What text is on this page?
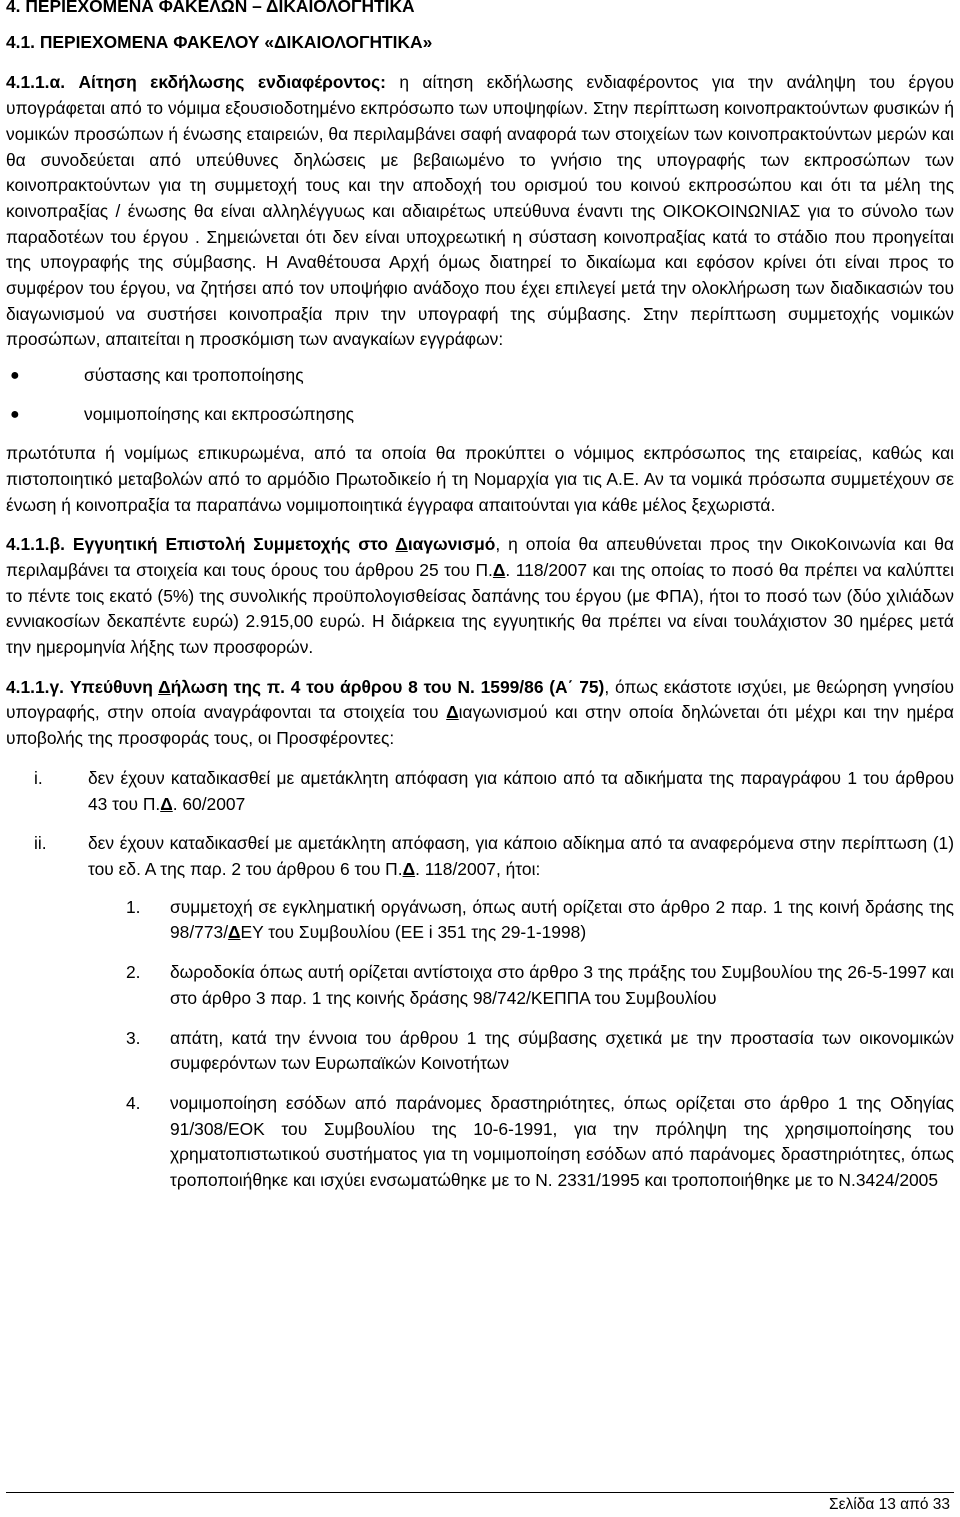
4. ΠΕΡΙΕΧΟΜΕΝΑ ΦΑΚΕΛΩΝ – ΔΙΚΑΙΟΛΟΓΗΤΙΚΑ

4.1. ΠΕΡΙΕΧΟΜΕΝΑ ΦΑΚΕΛΟΥ «ΔΙΚΑΙΟΛΟΓΗΤΙΚΑ»

4.1.1.α. Αίτηση εκδήλωσης ενδιαφέροντος: η αίτηση εκδήλωσης ενδιαφέροντος για την ανάληψη του έργου υπογράφεται από το νόμιμα εξουσιοδοτημένο εκπρόσωπο των υποψηφίων. Στην περίπτωση κοινοπρακτούντων φυσικών ή νομικών προσώπων ή ένωσης εταιρειών, θα περιλαμβάνει σαφή αναφορά των στοιχείων των κοινοπρακτούντων μερών και θα συνοδεύεται από υπεύθυνες δηλώσεις με βεβαιωμένο το γνήσιο της υπογραφής των εκπροσώπων των κοινοπρακτούντων για τη συμμετοχή τους και την αποδοχή του ορισμού του κοινού εκπροσώπου και ότι τα μέλη της κοινοπραξίας / ένωσης θα είναι αλληλέγγυως και αδιαιρέτως υπεύθυνα έναντι της ΟΙΚΟΚΟΙΝΩΝΙΑΣ για το σύνολο των παραδοτέων του έργου . Σημειώνεται ότι δεν είναι υποχρεωτική η σύσταση κοινοπραξίας κατά το στάδιο που προηγείται της υπογραφής της σύμβασης. Η Αναθέτουσα Αρχή όμως διατηρεί το δικαίωμα και εφόσον κρίνει ότι είναι προς το συμφέρον του έργου, να ζητήσει από τον υποψήφιο ανάδοχο που έχει επιλεγεί μετά την ολοκλήρωση των διαδικασιών του διαγωνισμού να συστήσει κοινοπραξία πριν την υπογραφή της σύμβασης. Στην περίπτωση συμμετοχής νομικών προσώπων, απαιτείται η προσκόμιση των αναγκαίων εγγράφων:

●	σύστασης και τροποποίησης
●	νομιμοποίησης και εκπροσώπησης

πρωτότυπα ή νομίμως επικυρωμένα, από τα οποία θα προκύπτει ο νόμιμος εκπρόσωπος της εταιρείας, καθώς και πιστοποιητικό μεταβολών από το αρμόδιο Πρωτοδικείο ή τη Νομαρχία για τις Α.Ε. Αν τα νομικά πρόσωπα συμμετέχουν σε ένωση ή κοινοπραξία τα παραπάνω νομιμοποιητικά έγγραφα απαιτούνται για κάθε μέλος ξεχωριστά.

4.1.1.β. Εγγυητική Επιστολή Συμμετοχής στο Διαγωνισμό, η οποία θα απευθύνεται προς την ΟικοΚοινωνία και θα περιλαμβάνει τα στοιχεία και τους όρους του άρθρου 25 του Π.Δ. 118/2007 και της οποίας το ποσό θα πρέπει να καλύπτει το πέντε τοις εκατό (5%) της συνολικής προϋπολογισθείσας δαπάνης του έργου (με ΦΠΑ), ήτοι το ποσό των (δύο χιλιάδων εννιακοσίων δεκαπέντε ευρώ) 2.915,00 ευρώ. Η διάρκεια της εγγυητικής θα πρέπει να είναι τουλάχιστον 30 ημέρες μετά την ημερομηνία λήξης των προσφορών.

4.1.1.γ. Υπεύθυνη Δήλωση της π. 4 του άρθρου 8 του Ν. 1599/86 (Α΄ 75), όπως εκάστοτε ισχύει, με θεώρηση γνησίου υπογραφής, στην οποία αναγράφονται τα στοιχεία του Διαγωνισμού και στην οποία δηλώνεται ότι μέχρι και την ημέρα υποβολής της προσφοράς τους, οι Προσφέροντες:

i.	δεν έχουν καταδικασθεί με αμετάκλητη απόφαση για κάποιο από τα αδικήματα της παραγράφου 1 του άρθρου 43 του Π.Δ. 60/2007

ii. δεν έχουν καταδικασθεί με αμετάκλητη απόφαση, για κάποιο αδίκημα από τα αναφερόμενα στην περίπτωση (1) του εδ. Α της παρ. 2 του άρθρου 6 του Π.Δ. 118/2007, ήτοι:

1. συμμετοχή σε εγκληματική οργάνωση, όπως αυτή ορίζεται στο άρθρο 2 παρ. 1 της κοινή δράσης της 98/773/ΔΕΥ του Συμβουλίου (ΕΕ i 351 της 29-1-1998)

2. δωροδοκία όπως αυτή ορίζεται αντίστοιχα στο άρθρο 3 της πράξης του Συμβουλίου της 26-5-1997 και στο άρθρο 3 παρ. 1 της κοινής δράσης 98/742/ΚΕΠΠΑ του Συμβουλίου

3. απάτη, κατά την έννοια του άρθρου 1 της σύμβασης σχετικά με την προστασία των οικονομικών συμφερόντων των Ευρωπαϊκών Κοινοτήτων

4. νομιμοποίηση εσόδων από παράνομες δραστηριότητες, όπως ορίζεται στο άρθρο 1 της Οδηγίας 91/308/ΕΟΚ του Συμβουλίου της 10-6-1991, για την πρόληψη της χρησιμοποίησης του χρηματοπιστωτικού συστήματος για τη νομιμοποίηση εσόδων από παράνομες δραστηριότητες, όπως τροποποιήθηκε και ισχύει ενσωματώθηκε με το Ν. 2331/1995 και τροποποιήθηκε με το Ν.3424/2005

Σελίδα 13 από 33
